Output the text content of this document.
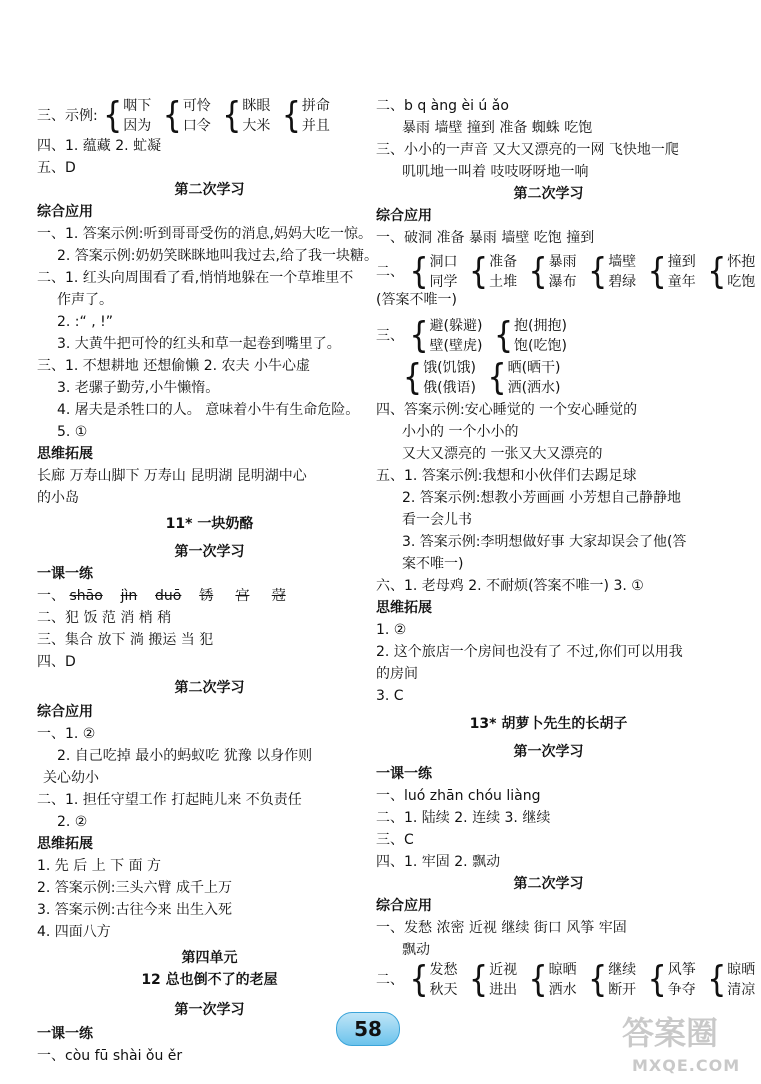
三、示例: { 咽下
因为 { 可怜
口令 { 眯眼
大米 { 拼命
并且
四、1. 蕴藏 2. 虻凝
五、D
第二次学习
综合应用
一、1. 答案示例:听到哥哥受伤的消息,妈妈大吃一惊。
2. 答案示例:奶奶笑眯眯地叫我过去,给了我一块糖。
二、1. 红头向周围看了看,悄悄地躲在一个草堆里不
作声了。
2. :“ , !”
3. 大黄牛把可怜的红头和草一起卷到嘴里了。
三、1. 不想耕地 还想偷懒 2. 农夫 小牛心虚
3. 老骡子勤劳,小牛懒惰。
4. 屠夫是杀牲口的人。 意味着小牛有生命危险。
5. ①
思维拓展
长廊 万寿山脚下 万寿山 昆明湖 昆明湖中心
的小岛
11* 一块奶酪
第一次学习
一课一练
一、 shāo jìn duō 锈 宫 蒄
二、犯 饭 范 消 梢 稍
三、集合 放下 淌 搬运 当 犯
四、D
第二次学习
综合应用
一、1. ②
2. 自己吃掉 最小的蚂蚁吃 犹豫 以身作则
关心幼小
二、1. 担任守望工作 打起盹儿来 不负责任
2. ②
思维拓展
1. 先 后 上 下 面 方
2. 答案示例:三头六臂 成千上万
3. 答案示例:古往今来 出生入死
4. 四面八方
第四单元
12 总也倒不了的老屋
第一次学习
一课一练
一、còu fū shài ǒu ěr
二、b q àng èi ú ǎo
暴雨 墙壁 撞到 准备 蜘蛛 吃饱
三、小小的一声音 又大又漂亮的一网 飞快地一爬
叽叽地一叫着 吱吱呀呀地一响
第二次学习
综合应用
一、破洞 准备 暴雨 墙壁 吃饱 撞到
二、 { 洞口
同学 { 准备
土堆 { 暴雨
瀑布 { 墙壁
碧绿 { 撞到
童年 { 怀抱
吃饱
(答案不唯一)
三、 { 避(躲避)
壁(壁虎) { 抱(拥抱)
饱(吃饱)
{ 饿(饥饿)
俄(俄语) { 晒(晒干)
洒(洒水)
四、答案示例:安心睡觉的 一个安心睡觉的
小小的 一个小小的
又大又漂亮的 一张又大又漂亮的
五、1. 答案示例:我想和小伙伴们去踢足球
2. 答案示例:想教小芳画画 小芳想自己静静地
看一会儿书
3. 答案示例:李明想做好事 大家却误会了他(答
案不唯一)
六、1. 老母鸡 2. 不耐烦(答案不唯一) 3. ①
思维拓展
1. ②
2. 这个旅店一个房间也没有了 不过,你们可以用我
的房间
3. C
13* 胡萝卜先生的长胡子
第一次学习
一课一练
一、luó zhān chóu liàng
二、1. 陆续 2. 连续 3. 继续
三、C
四、1. 牢固 2. 飘动
第二次学习
综合应用
一、发愁 浓密 近视 继续 街口 风筝 牢固
飘动
二、 { 发愁
秋天 { 近视
进出 { 晾晒
洒水 { 继续
断开 { 风筝
争夺 { 晾晒
清凉
58	答案圈
MXQE.COM
